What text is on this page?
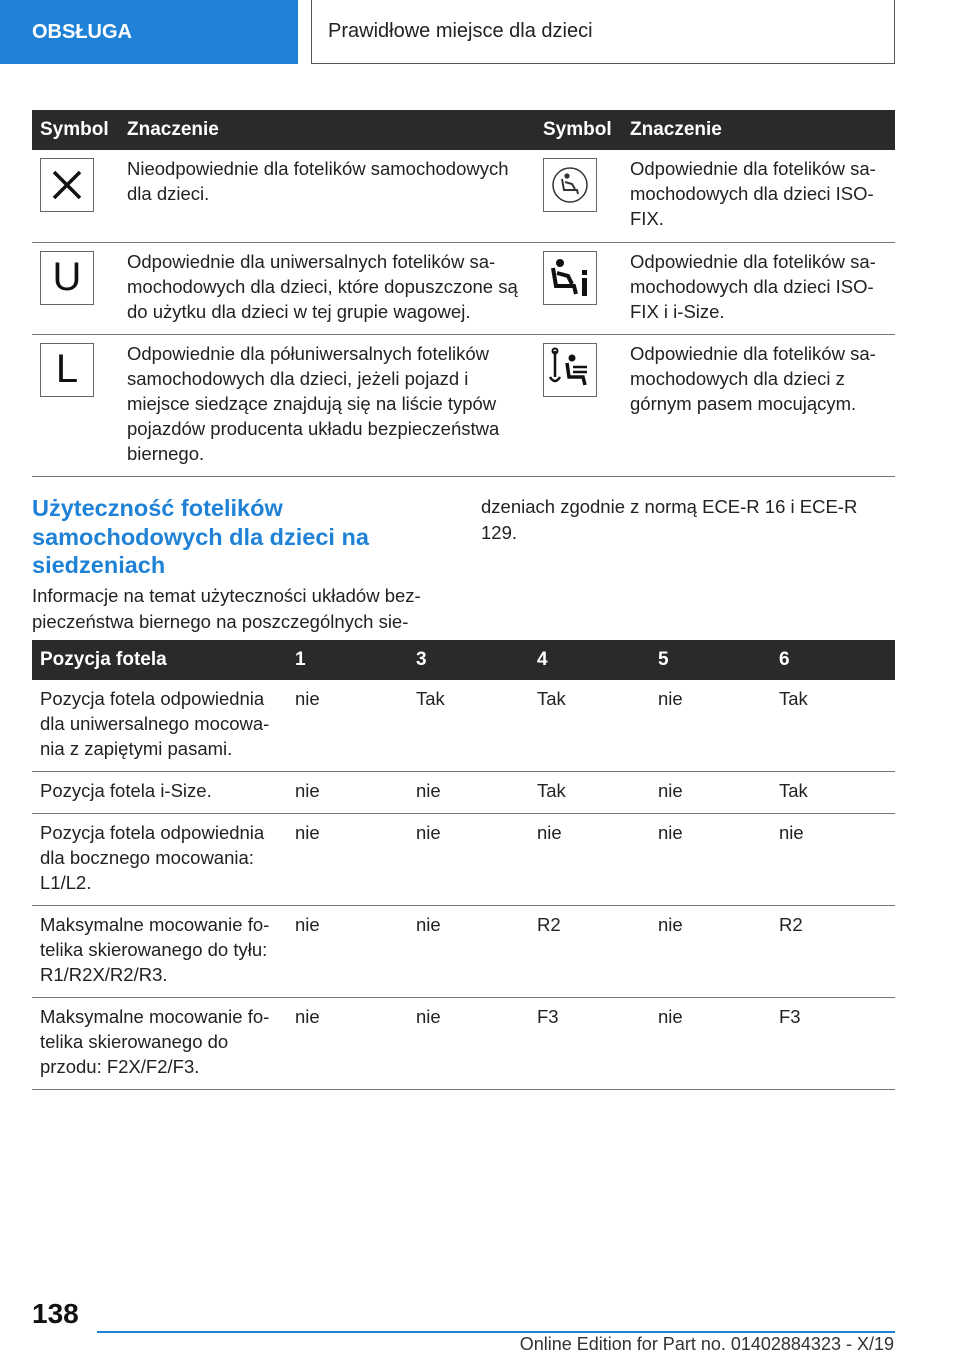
OBSŁUGA	Prawidłowe miejsce dla dzieci
Symbol	Znaczenie	Symbol	Znaczenie

	Nieodpowiednie dla fotelików samochodowych dla dzieci.		Odpowiednie dla fotelików sa-mochodowych dla dzieci ISO-FIX.

U	Odpowiednie dla uniwersalnych fotelików sa-mochodowych dla dzieci, które dopuszczone są do użytku dla dzieci w tej grupie wagowej.		Odpowiednie dla fotelików sa-mochodowych dla dzieci ISO-FIX i i-Size.

L	Odpowiednie dla półuniwersalnych fotelików samochodowych dla dzieci, jeżeli pojazd i miejsce siedzące znajdują się na liście typów pojazdów producenta układu bezpieczeństwa biernego.		Odpowiednie dla fotelików sa-mochodowych dla dzieci z górnym pasem mocującym.
Użyteczność fotelików samochodowych dla dzieci na siedzeniach

Informacje na temat użyteczności układów bez-pieczeństwa biernego na poszczególnych sie-

dzeniach zgodnie z normą ECE-R 16 i ECE-R 129.

Pozycja fotela	1	3	4	5	6
Pozycja fotela odpowiednia dla uniwersalnego mocowa-nia z zapiętymi pasami.	nie	Tak	Tak	nie	Tak
Pozycja fotela i-Size.	nie	nie	Tak	nie	Tak
Pozycja fotela odpowiednia dla bocznego mocowania: L1/L2.	nie	nie	nie	nie	nie
Maksymalne mocowanie fo-telika skierowanego do tyłu: R1/R2X/R2/R3.	nie	nie	R2	nie	R2
Maksymalne mocowanie fo-telika skierowanego do przodu: F2X/F2/F3.	nie	nie	F3	nie	F3
138
Online Edition for Part no. 01402884323 - X/19
